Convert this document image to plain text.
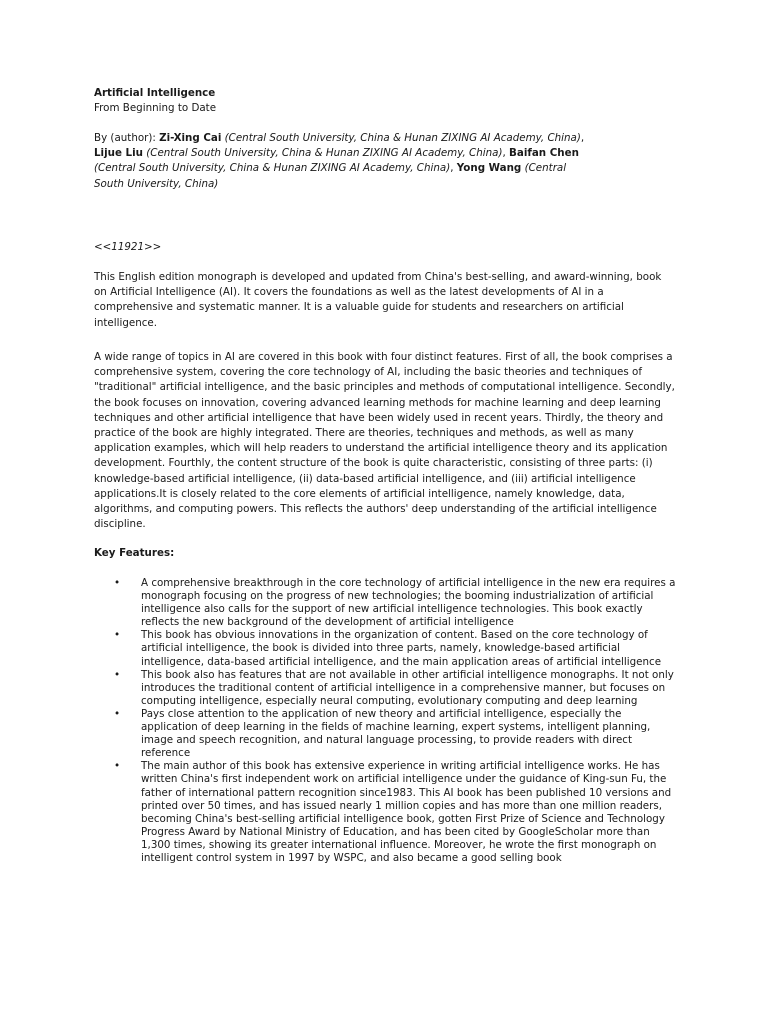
Artificial Intelligence
From Beginning to Date
By (author): Zi-Xing Cai (Central South University, China & Hunan ZIXING AI Academy, China), Lijue Liu (Central South University, China & Hunan ZIXING AI Academy, China), Baifan Chen (Central South University, China & Hunan ZIXING AI Academy, China), Yong Wang (Central South University, China)
<<11921>>
This English edition monograph is developed and updated from China's best-selling, and award-winning, book on Artificial Intelligence (AI). It covers the foundations as well as the latest developments of AI in a comprehensive and systematic manner. It is a valuable guide for students and researchers on artificial intelligence.
A wide range of topics in AI are covered in this book with four distinct features. First of all, the book comprises a comprehensive system, covering the core technology of AI, including the basic theories and techniques of "traditional" artificial intelligence, and the basic principles and methods of computational intelligence. Secondly, the book focuses on innovation, covering advanced learning methods for machine learning and deep learning techniques and other artificial intelligence that have been widely used in recent years. Thirdly, the theory and practice of the book are highly integrated. There are theories, techniques and methods, as well as many application examples, which will help readers to understand the artificial intelligence theory and its application development. Fourthly, the content structure of the book is quite characteristic, consisting of three parts: (i) knowledge-based artificial intelligence, (ii) data-based artificial intelligence, and (iii) artificial intelligence applications.It is closely related to the core elements of artificial intelligence, namely knowledge, data, algorithms, and computing powers. This reflects the authors' deep understanding of the artificial intelligence discipline.
Key Features:
• A comprehensive breakthrough in the core technology of artificial intelligence in the new era requires a monograph focusing on the progress of new technologies; the booming industrialization of artificial intelligence also calls for the support of new artificial intelligence technologies. This book exactly reflects the new background of the development of artificial intelligence
• This book has obvious innovations in the organization of content. Based on the core technology of artificial intelligence, the book is divided into three parts, namely, knowledge-based artificial intelligence, data-based artificial intelligence, and the main application areas of artificial intelligence
• This book also has features that are not available in other artificial intelligence monographs. It not only introduces the traditional content of artificial intelligence in a comprehensive manner, but focuses on computing intelligence, especially neural computing, evolutionary computing and deep learning
• Pays close attention to the application of new theory and artificial intelligence, especially the application of deep learning in the fields of machine learning, expert systems, intelligent planning, image and speech recognition, and natural language processing, to provide readers with direct reference
• The main author of this book has extensive experience in writing artificial intelligence works. He has written China's first independent work on artificial intelligence under the guidance of King-sun Fu, the father of international pattern recognition since1983. This AI book has been published 10 versions and printed over 50 times, and has issued nearly 1 million copies and has more than one million readers, becoming China's best-selling artificial intelligence book, gotten First Prize of Science and Technology Progress Award by National Ministry of Education, and has been cited by GoogleScholar more than 1,300 times, showing its greater international influence. Moreover, he wrote the first monograph on intelligent control system in 1997 by WSPC, and also became a good selling book
